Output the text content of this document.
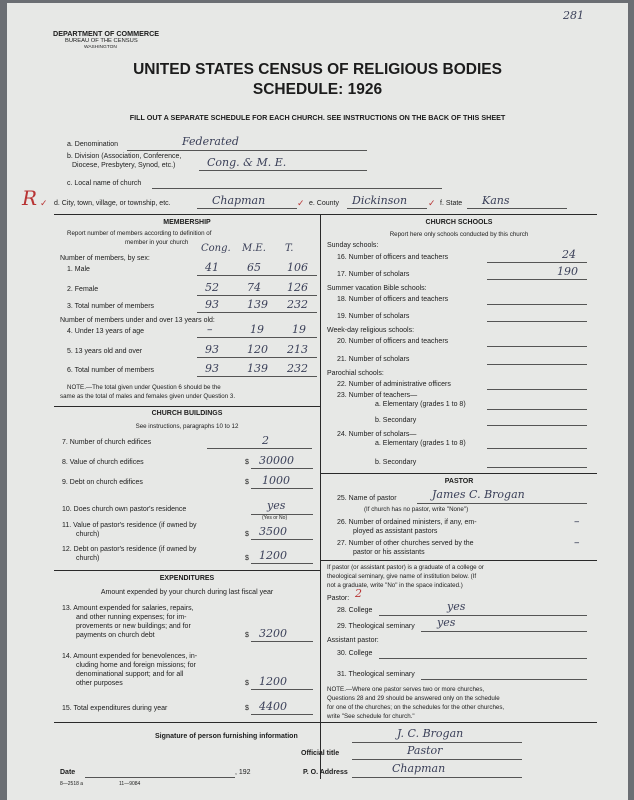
281
DEPARTMENT OF COMMERCE
BUREAU OF THE CENSUS
WASHINGTON
UNITED STATES CENSUS OF RELIGIOUS BODIES
SCHEDULE: 1926
FILL OUT A SEPARATE SCHEDULE FOR EACH CHURCH. SEE INSTRUCTIONS ON THE BACK OF THIS SHEET
a. Denomination	Federated
b. Division (Association, Conference,
Diocese, Presbytery, Synod, etc.)	Cong. & M. E.
c. Local name of church
R ✓ d. City, town, village, or township, etc.	Chapman	✓ e. County Dickinson ✓ f. State Kans
MEMBERSHIP
Report number of members according to definition of
member in your church
Number of members, by sex:
Cong. M.E. T.
1. Male	41	65 106
2. Female	52	74 126
3. Total number of members	93	139 232
Number of members under and over 13 years old:
4. Under 13 years of age	–	19	19
5. 13 years old and over	93	120 213
6. Total number of members	93	139 232
NOTE.—The total given under Question 6 should be the
same as the total of males and females given under Question 3.
CHURCH BUILDINGS
See instructions, paragraphs 10 to 12
7. Number of church edifices	2
8. Value of church edifices	$ 30000
9. Debt on church edifices	$ 1000
10. Does church own pastor's residence	yes
(Yes or No)
11. Value of pastor's residence (if owned by
church)	$ 3500
12. Debt on pastor's residence (if owned by
church)	$ 1200
EXPENDITURES
Amount expended by your church during last fiscal year
13. Amount expended for salaries, repairs,
and other running expenses; for im-
provements or new buildings; and for
payments on church debt	$ 3200
14. Amount expended for benevolences, in-
cluding home and foreign missions; for
denominational support; and for all
other purposes	$ 1200
15. Total expenditures during year	$ 4400
CHURCH SCHOOLS
Report here only schools conducted by this church
Sunday schools:
16. Number of officers and teachers	24
17. Number of scholars	190
Summer vacation Bible schools:
18. Number of officers and teachers
19. Number of scholars
Week-day religious schools:
20. Number of officers and teachers
21. Number of scholars
Parochial schools:
22. Number of administrative officers
23. Number of teachers—
a. Elementary (grades 1 to 8)
b. Secondary
24. Number of scholars—
a. Elementary (grades 1 to 8)
b. Secondary
PASTOR
25. Name of pastor	James C. Brogan
(If church has no pastor, write "None")
26. Number of ordained ministers, if any, em-
ployed as assistant pastors
–
27. Number of other churches served by the
pastor or his assistants
–
If pastor (or assistant pastor) is a graduate of a college or
theological seminary, give name of institution below. (If
not a graduate, write "No" in the space indicated.)
Pastor: 2
28. College	yes
29. Theological seminary yes
Assistant pastor:
30. College
31. Theological seminary
NOTE.—Where one pastor serves two or more churches,
Questions 28 and 29 should be answered only on the schedule
for one of the churches; on the schedules for the other churches,
write "See schedule for church."
Signature of person furnishing information	J. C. Brogan
Official title	Pastor
Date	, 192	P. O. Address	Chapman
8—2518 a	11—9084
